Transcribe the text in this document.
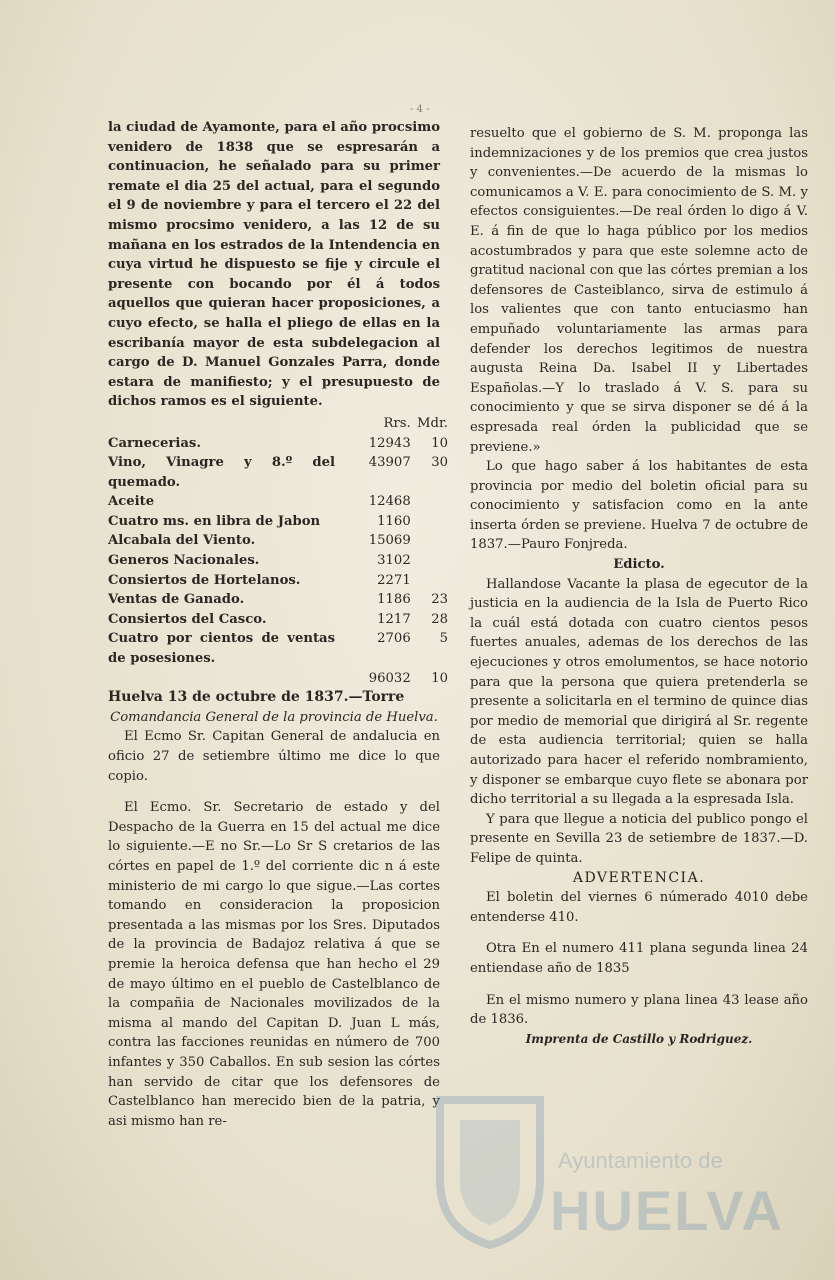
- 4 -

la ciudad de Ayamonte, para el año procsimo venidero de 1838 que se espresarán a continuacion, he señalado para su primer remate el dia 25 del actual, para el segundo el 9 de noviembre y para el tercero el 22 del mismo procsimo venidero, a las 12 de su mañana en los estrados de la Intendencia en cuya virtud he dispuesto se fije y circule el presente con bocando por él á todos aquellos que quieran hacer proposiciones, a cuyo efecto, se halla el pliego de ellas en la escribanía mayor de esta subdelegacion al cargo de D. Manuel Gonzales Parra, donde estara de manifiesto; y el presupuesto de dichos ramos es el siguiente.

	Rrs.	Mdr.
Carnecerias.	12943	10
Vino, Vinagre y 8.º del quemado.	43907	30
Aceite	12468	
Cuatro ms. en libra de Jabon	1160	
Alcabala del Viento.	15069	
Generos Nacionales.	3102	
Consiertos de Hortelanos.	2271	
Ventas de Ganado.	1186	23
Consiertos del Casco.	1217	28
Cuatro por cientos de ventas de posesiones.	2706	5
	96032	10

Huelva 13 de octubre de 1837.—Torre

Comandancia General de la provincia de Huelva.

El Ecmo Sr. Capitan General de andalucia en oficio 27 de setiembre último me dice lo que copio.

El Ecmo. Sr. Secretario de estado y del Despacho de la Guerra en 15 del actual me dice lo siguiente.—E no Sr.—Lo Sr S cretarios de las córtes en papel de 1.º del corriente dic n á este ministerio de mi cargo lo que sigue.—Las cortes tomando en consideracion la proposicion presentada a las mismas por los Sres. Diputados de la provincia de Badajoz relativa á que se premie la heroica defensa que han hecho el 29 de mayo último en el pueblo de Castelblanco de la compañia de Nacionales movilizados de la misma al mando del Capitan D. Juan L más, contra las facciones reunidas en número de 700 infantes y 350 Caballos. En sub sesion las córtes han servido de citar que los defensores de Castelblanco han merecido bien de la patria, y asi mismo han re-

resuelto que el gobierno de S. M. proponga las indemnizaciones y de los premios que crea justos y convenientes.—De acuerdo de la mismas lo comunicamos a V. E. para conocimiento de S. M. y efectos consiguientes.—De real órden lo digo á V. E. á fin de que lo haga público por los medios acostumbrados y para que este solemne acto de gratitud nacional con que las córtes premian a los defensores de Casteiblanco, sirva de estimulo á los valientes que con tanto entuciasmo han empuñado voluntariamente las armas para defender los derechos legitimos de nuestra augusta Reina Da. Isabel II y Libertades Españolas.—Y lo traslado á V. S. para su conocimiento y que se sirva disponer se dé á la espresada real órden la publicidad que se previene.»

Lo que hago saber á los habitantes de esta provincia por medio del boletin oficial para su conocimiento y satisfacion como en la ante inserta órden se previene. Huelva 7 de octubre de 1837.—Pauro Fonjreda.

Edicto.

Hallandose Vacante la plasa de egecutor de la justicia en la audiencia de la Isla de Puerto Rico la cuál está dotada con cuatro cientos pesos fuertes anuales, ademas de los derechos de las ejecuciones y otros emolumentos, se hace notorio para que la persona que quiera pretenderla se presente a solicitarla en el termino de quince dias por medio de memorial que dirigirá al Sr. regente de esta audiencia territorial; quien se halla autorizado para hacer el referido nombramiento, y disponer se embarque cuyo flete se abonara por dicho territorial a su llegada a la espresada Isla.

Y para que llegue a noticia del publico pongo el presente en Sevilla 23 de setiembre de 1837.—D. Felipe de quinta.

ADVERTENCIA.

El boletin del viernes 6 númerado 4010 debe entenderse 410.

Otra En el numero 411 plana segunda linea 24 entiendase año de 1835

En el mismo numero y plana linea 43 lease año de 1836.

Imprenta de Castillo y Rodriguez.

Ayuntamiento de
HUELVA
